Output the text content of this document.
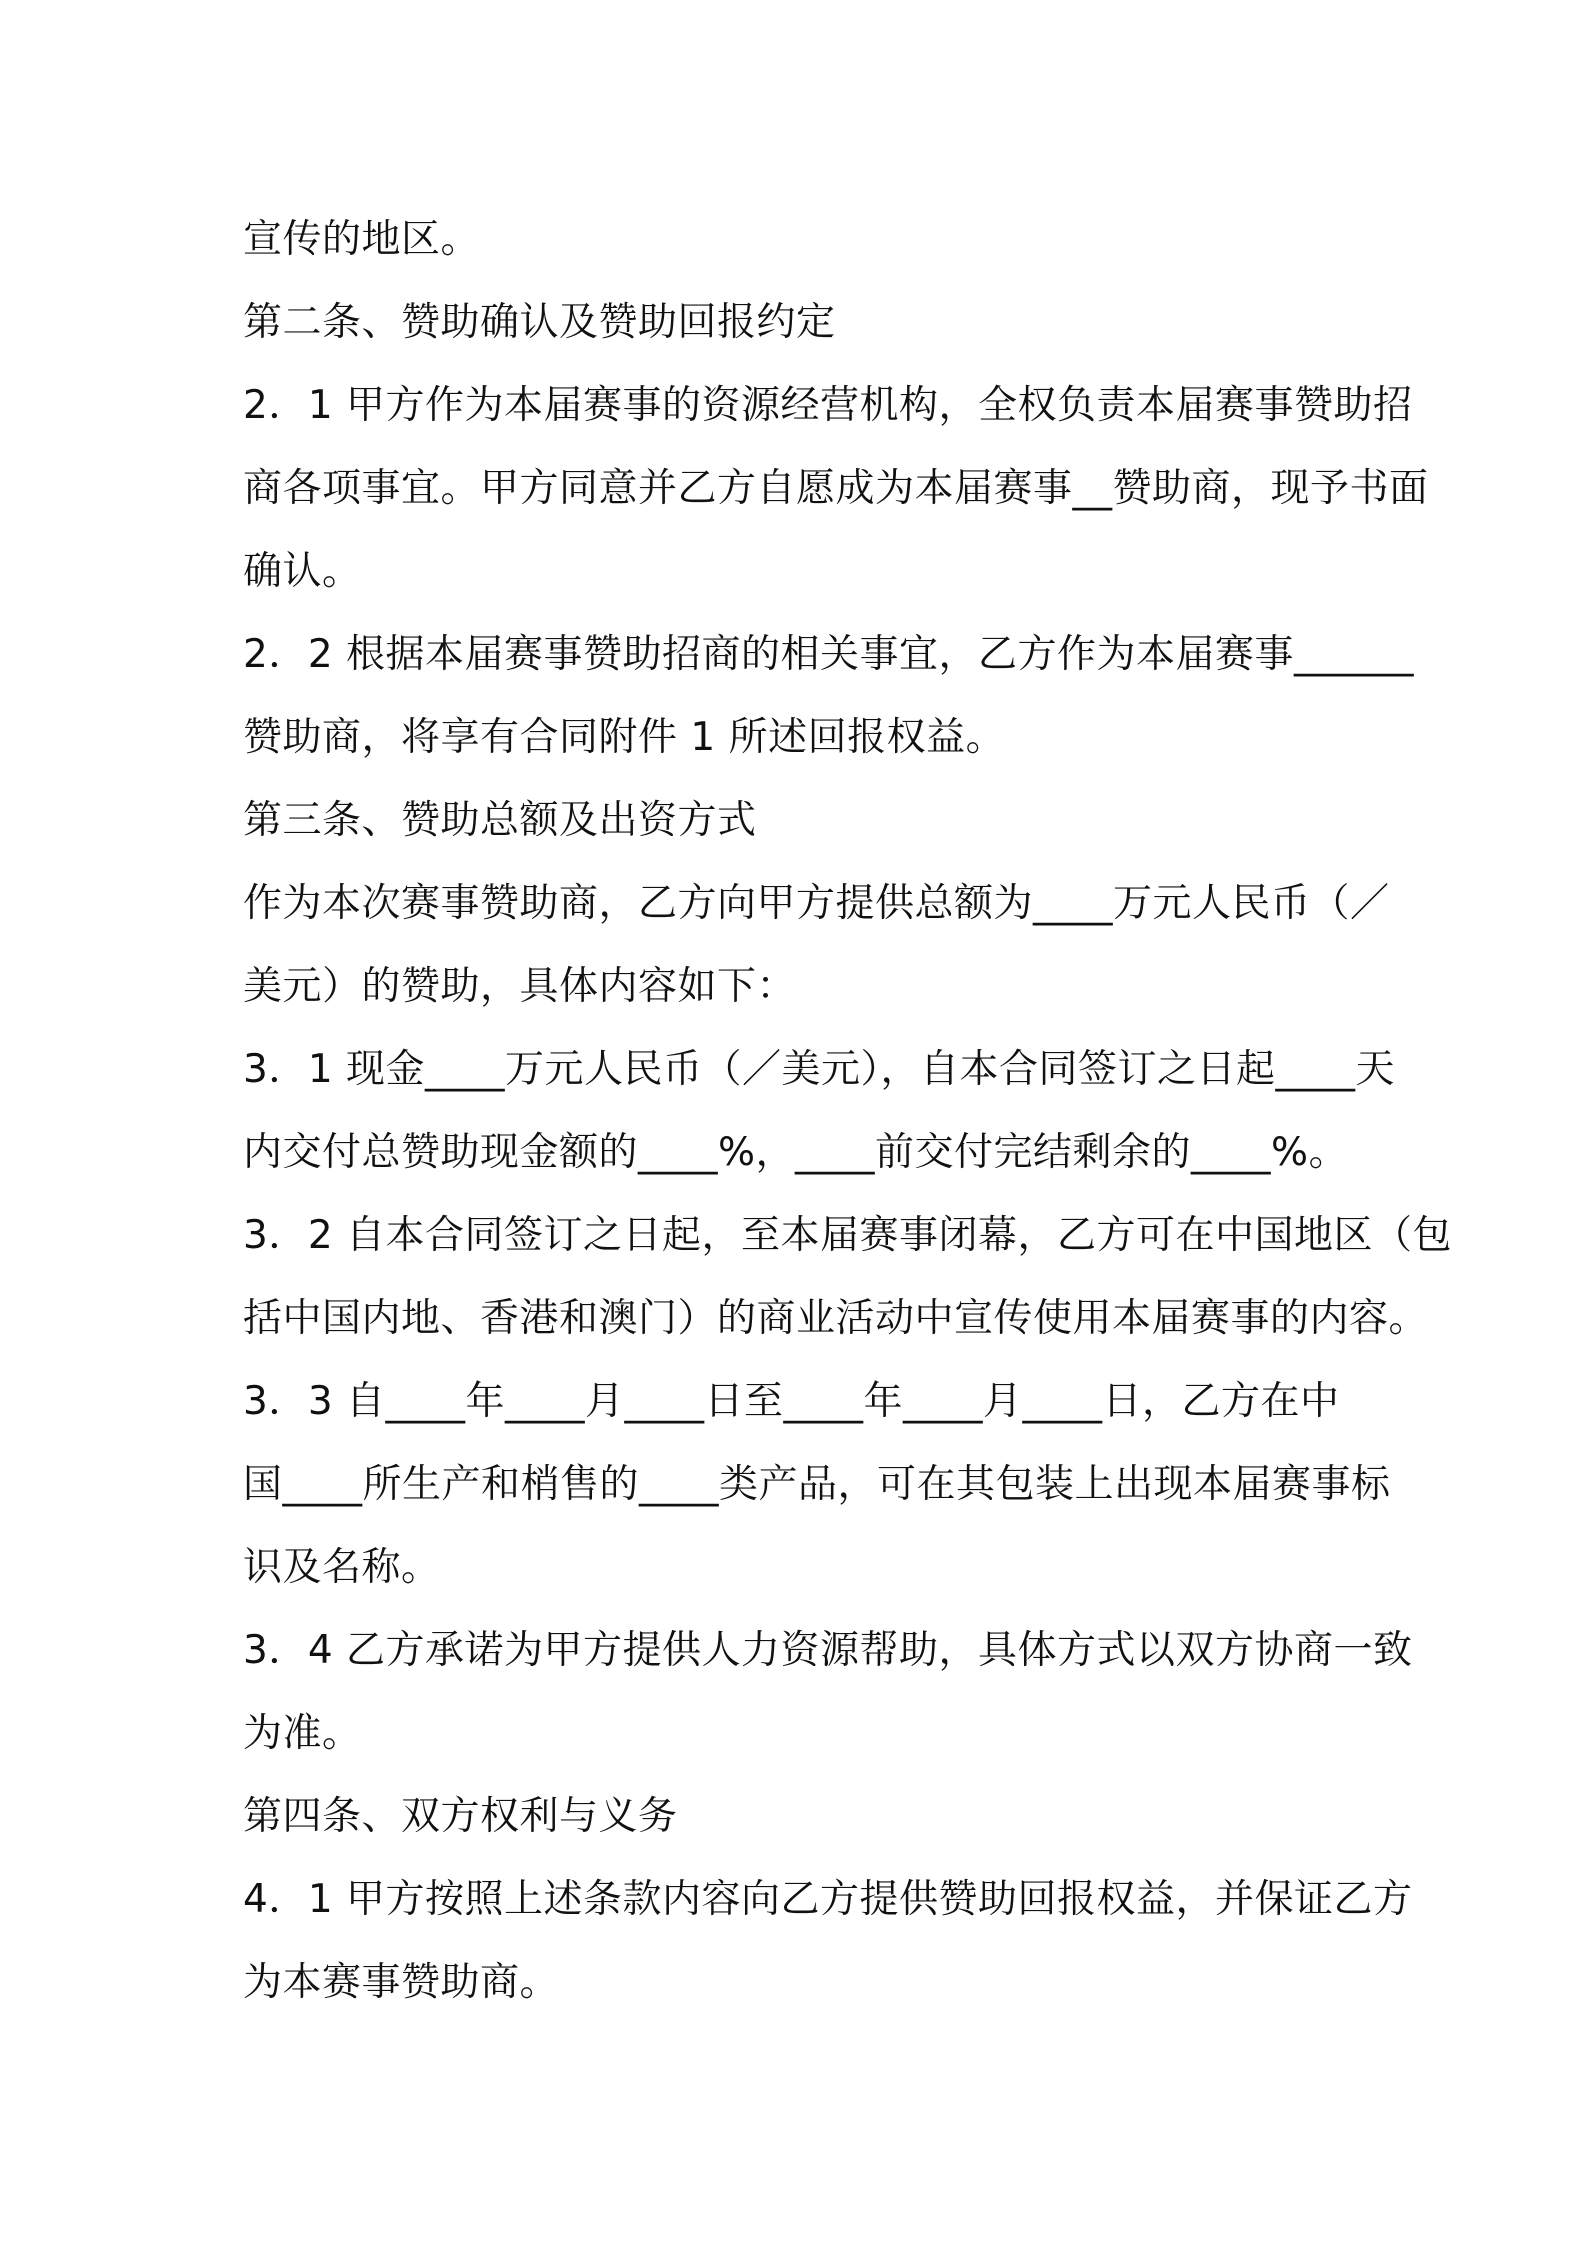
宣传的地区。
第二条、赞助确认及赞助回报约定
2．1 甲方作为本届赛事的资源经营机构，全权负责本届赛事赞助招
商各项事宜。甲方同意并乙方自愿成为本届赛事__赞助商，现予书面
确认。
2．2 根据本届赛事赞助招商的相关事宜，乙方作为本届赛事______
赞助商，将享有合同附件 1 所述回报权益。
第三条、赞助总额及出资方式
作为本次赛事赞助商，乙方向甲方提供总额为____万元人民币（／
美元）的赞助，具体内容如下：
3．1 现金____万元人民币（／美元），自本合同签订之日起____天
内交付总赞助现金额的____%，____前交付完结剩余的____%。
3．2 自本合同签订之日起，至本届赛事闭幕，乙方可在中国地区（包
括中国内地、香港和澳门）的商业活动中宣传使用本届赛事的内容。
3．3 自____年____月____日至____年____月____日，乙方在中
国____所生产和梢售的____类产品，可在其包装上出现本届赛事标
识及名称。
3．4 乙方承诺为甲方提供人力资源帮助，具体方式以双方协商一致
为准。
第四条、双方权利与义务
4．1 甲方按照上述条款内容向乙方提供赞助回报权益，并保证乙方
为本赛事赞助商。
